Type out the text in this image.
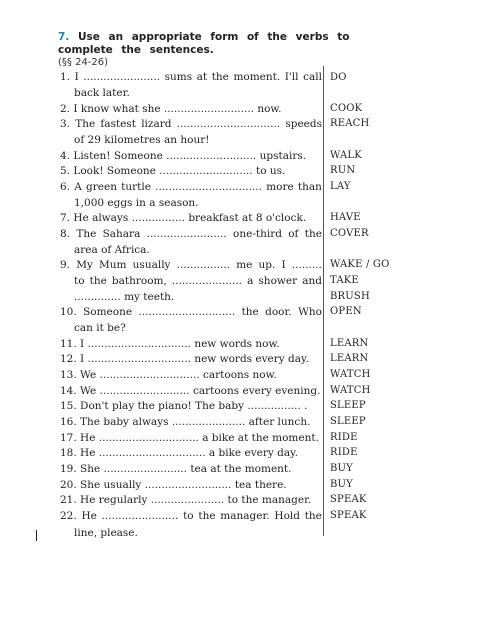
7. Use an appropriate form of the verbs to complete the sentences.
(§§ 24-26)
1. I ....................... sums at the moment. I'll call
back later.
2. I know what she ........................... now.
3. The fastest lizard ............................... speeds
of 29 kilometres an hour!
4. Listen! Someone ........................... upstairs.
5. Look! Someone ............................ to us.
6. A green turtle ................................ more than
1,000 eggs in a season.
7. He always ................ breakfast at 8 o'clock.
8. The Sahara ........................ one-third of the
area of Africa.
9. My Mum usually ................ me up. I .........
to the bathroom, ..................... a shower and
.............. my teeth.
10. Someone ............................. the door. Who
can it be?
11. I ............................... new words now.
12. I ............................... new words every day.
13. We .............................. cartoons now.
14. We ........................... cartoons every evening.
15. Don't play the piano! The baby ................ .
16. The baby always ...................... after lunch.
17. He .............................. a bike at the moment.
18. He ................................ a bike every day.
19. She ......................... tea at the moment.
20. She usually .......................... tea there.
21. He regularly ...................... to the manager.
22. He ....................... to the manager. Hold the
line, please.
DO
COOK
REACH
WALK
RUN
LAY
HAVE
COVER
WAKE / GO
TAKE
BRUSH
OPEN
LEARN
LEARN
WATCH
WATCH
SLEEP
SLEEP
RIDE
RIDE
BUY
BUY
SPEAK
SPEAK
